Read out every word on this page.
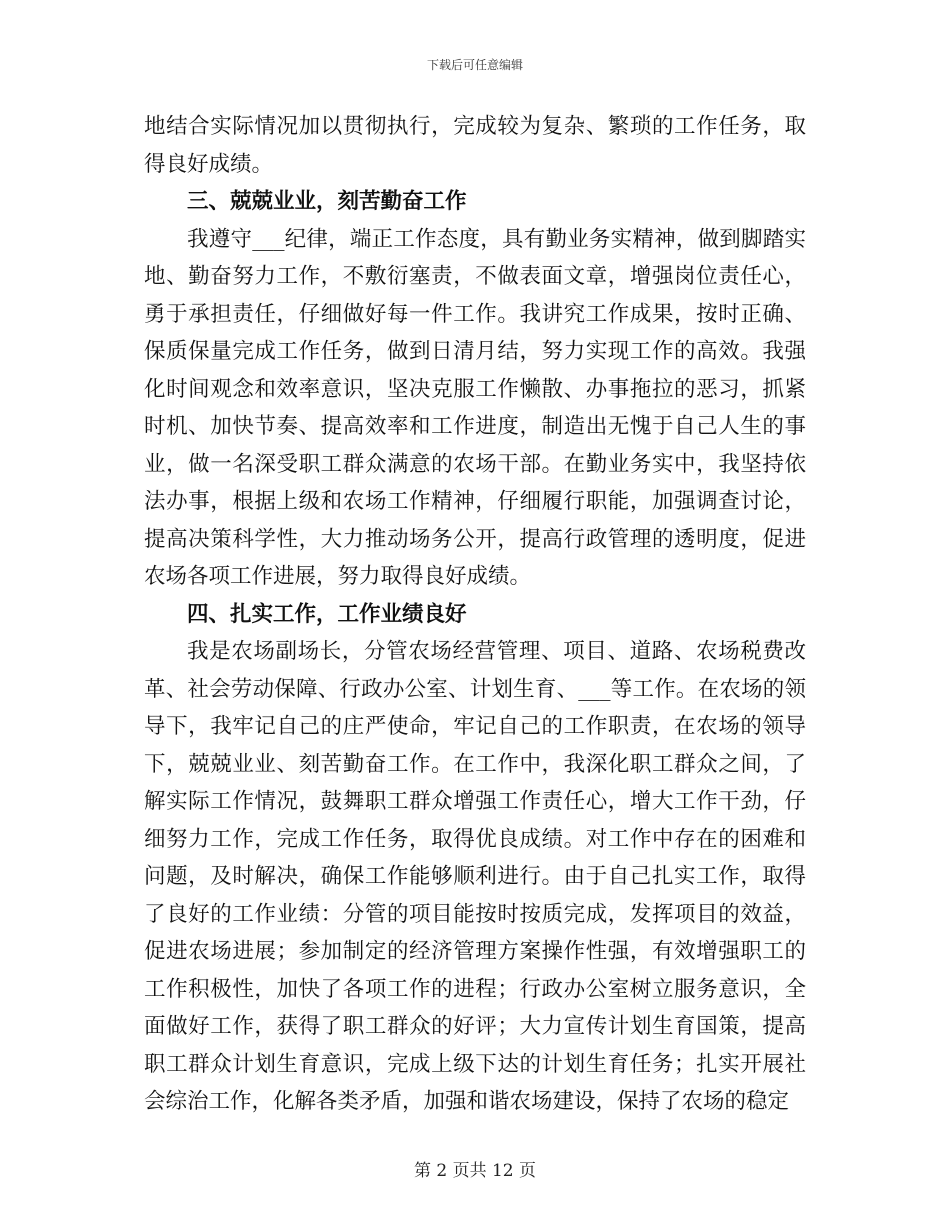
下载后可任意编辑

地结合实际情况加以贯彻执行，完成较为复杂、繁琐的工作任务，取得良好成绩。

三、兢兢业业，刻苦勤奋工作

我遵守___纪律，端正工作态度，具有勤业务实精神，做到脚踏实地、勤奋努力工作，不敷衍塞责，不做表面文章，增强岗位责任心，勇于承担责任，仔细做好每一件工作。我讲究工作成果，按时正确、保质保量完成工作任务，做到日清月结，努力实现工作的高效。我强化时间观念和效率意识，坚决克服工作懒散、办事拖拉的恶习，抓紧时机、加快节奏、提高效率和工作进度，制造出无愧于自己人生的事业，做一名深受职工群众满意的农场干部。在勤业务实中，我坚持依法办事，根据上级和农场工作精神，仔细履行职能，加强调查讨论，提高决策科学性，大力推动场务公开，提高行政管理的透明度，促进农场各项工作进展，努力取得良好成绩。

四、扎实工作，工作业绩良好

我是农场副场长，分管农场经营管理、项目、道路、农场税费改革、社会劳动保障、行政办公室、计划生育、___等工作。在农场的领导下，我牢记自己的庄严使命，牢记自己的工作职责，在农场的领导下，兢兢业业、刻苦勤奋工作。在工作中，我深化职工群众之间，了解实际工作情况，鼓舞职工群众增强工作责任心，增大工作干劲，仔细努力工作，完成工作任务，取得优良成绩。对工作中存在的困难和问题，及时解决，确保工作能够顺利进行。由于自己扎实工作，取得了良好的工作业绩：分管的项目能按时按质完成，发挥项目的效益，促进农场进展；参加制定的经济管理方案操作性强，有效增强职工的工作积极性，加快了各项工作的进程；行政办公室树立服务意识，全面做好工作，获得了职工群众的好评；大力宣传计划生育国策，提高职工群众计划生育意识，完成上级下达的计划生育任务；扎实开展社会综治工作，化解各类矛盾，加强和谐农场建设，保持了农场的稳定

第 2 页共 12 页
